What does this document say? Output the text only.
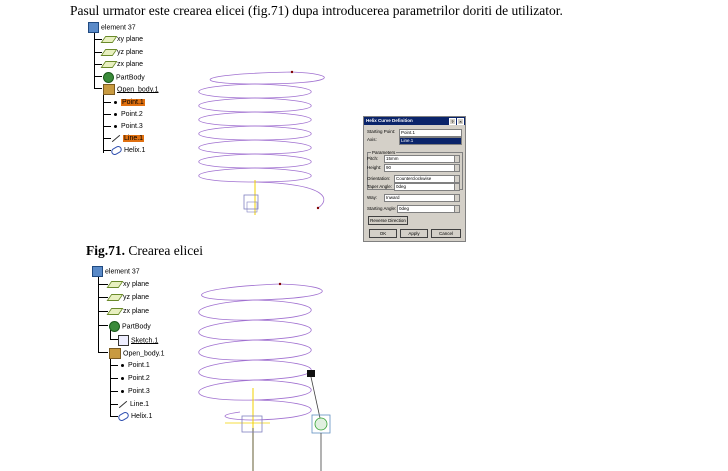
Pasul urmator este crearea elicei (fig.71) dupa introducerea parametrilor doriti de utilizator.
element 37
xy plane
yz plane
zx plane
PartBody
Open_body.1
Point.1
Point.2
Point.3
Line.1
Helix.1
Helix Curve Definition	? ×
Starting Point:	Point.1
Axis:	Line.1
Parameters
Pitch:	15mm
Height:	90
Orientation:	Counterclockwise
Taper Angle: 0deg
Way:	Inward
Starting Angle: 0deg
Reverse Direction
OK	Apply	Cancel
Fig.71. Crearea elicei
element 37
xy plane
yz plane
zx plane
PartBody
Sketch.1
Open_body.1
Point.1
Point.2
Point.3
Line.1
Helix.1
